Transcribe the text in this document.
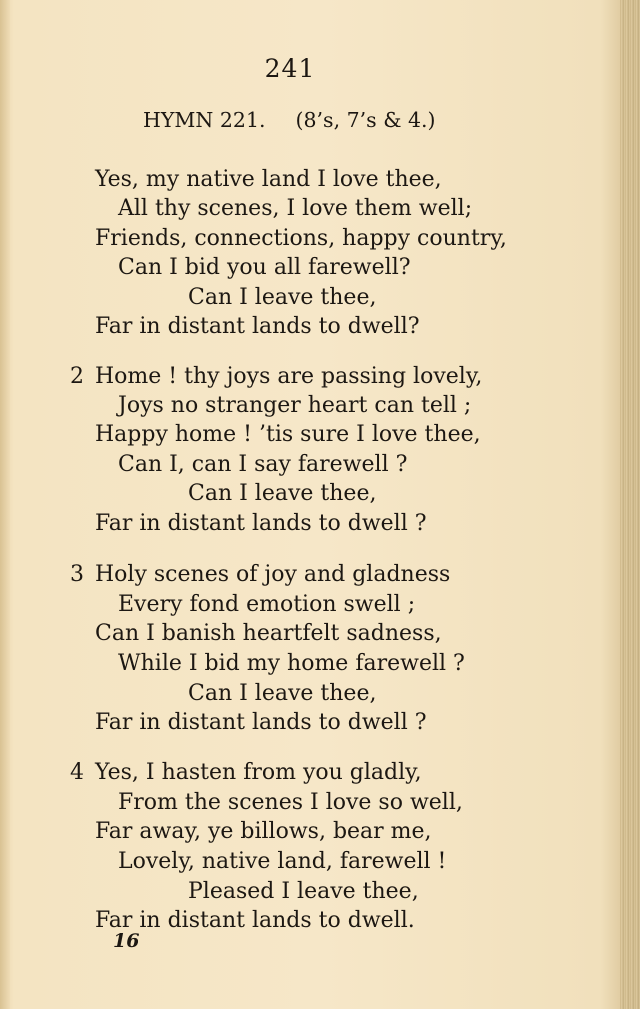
241
HYMN 221. (8’s, 7’s & 4.)
Yes, my native land I love thee,
All thy scenes, I love them well;
Friends, connections, happy country,
Can I bid you all farewell?
Can I leave thee,
Far in distant lands to dwell?
2 Home ! thy joys are passing lovely,
Joys no stranger heart can tell ;
Happy home ! ’tis sure I love thee,
Can I, can I say farewell ?
Can I leave thee,
Far in distant lands to dwell ?
3 Holy scenes of joy and gladness
Every fond emotion swell ;
Can I banish heartfelt sadness,
While I bid my home farewell ?
Can I leave thee,
Far in distant lands to dwell ?
4 Yes, I hasten from you gladly,
From the scenes I love so well,
Far away, ye billows, bear me,
Lovely, native land, farewell !
Pleased I leave thee,
Far in distant lands to dwell.
16
